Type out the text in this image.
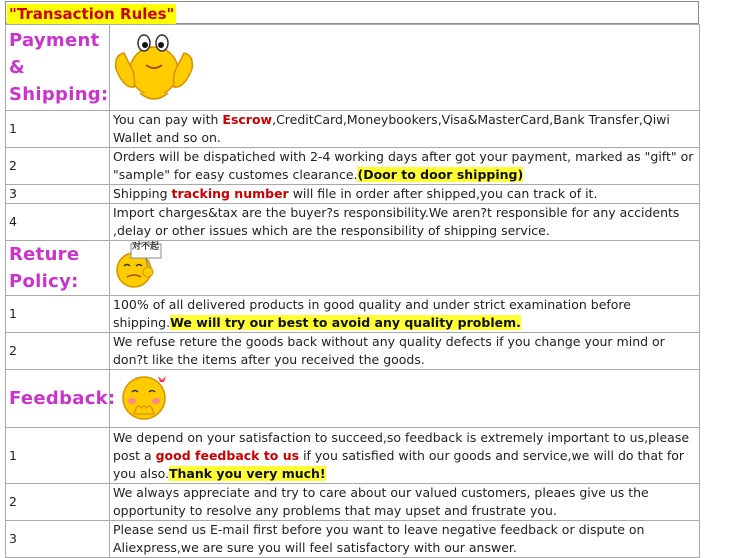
"Transaction Rules"
Payment
&
Shipping:

1	You can pay with Escrow,CreditCard,Moneybookers,Visa&MasterCard,Bank Transfer,Qiwi Wallet and so on.
2	Orders will be dispatiched with 2-4 working days after got your payment, marked as "gift" or "sample" for easy customes clearance.(Door to door shipping)
3	Shipping tracking number will file in order after shipped,you can track of it.
4	Import charges&tax are the buyer?s responsibility.We aren?t responsible for any accidents ,delay or other issues which are the responsibility of shipping service.

Reture
Policy:	对不起

1	100% of all delivered products in good quality and under strict examination before shipping.We will try our best to avoid any quality problem.
2	We refuse reture the goods back without any quality defects if you change your mind or don?t like the items after you received the goods.

Feedback:

1	We depend on your satisfaction to succeed,so feedback is extremely important to us,please post a good feedback to us if you satisfied with our goods and service,we will do that for you also.Thank you very much!
2	We always appreciate and try to care about our valued customers, pleaes give us the opportunity to resolve any problems that may upset and frustrate you.
3	Please send us E-mail first before you want to leave negative feedback or dispute on Aliexpress,we are sure you will feel satisfactory with our answer.
